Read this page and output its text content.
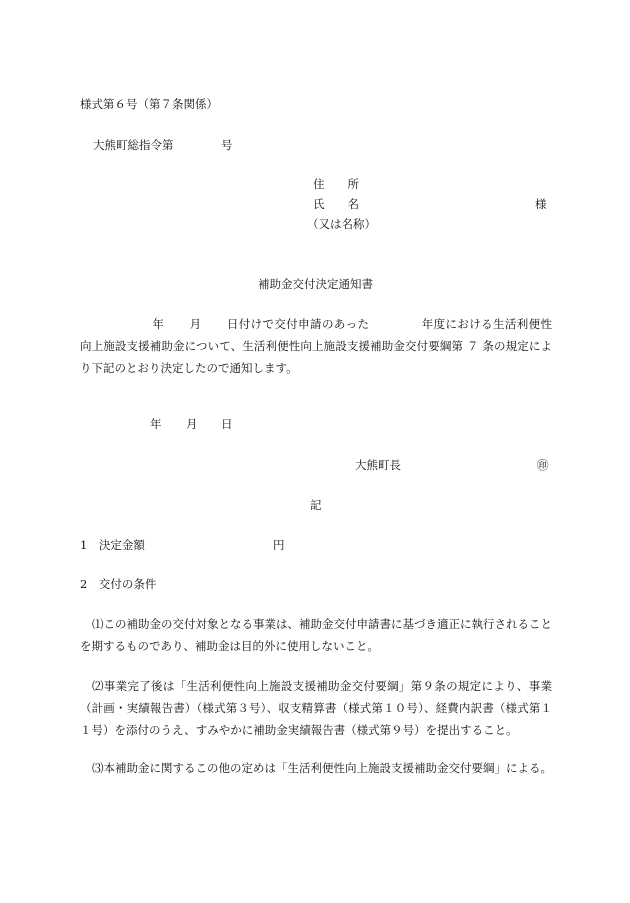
様式第６号（第７条関係）
大熊町総指令第	号
住　　所
氏　　名	様
（又は名称）
補助金交付決定通知書
年 月 日付けで交付申請のあった	年度における生活利便性向上施設支援補助金について、生活利便性向上施設支援補助金交付要綱第 ７ 条の規定により下記のとおり決定したので通知します。
年 月 日
大熊町長	㊞
記
1　決定金額	円
2　交付の条件
⑴この補助金の交付対象となる事業は、補助金交付申請書に基づき適正に執行されることを期するものであり、補助金は目的外に使用しないこと。
⑵事業完了後は「生活利便性向上施設支援補助金交付要綱」第９条の規定により、事業（計画・実績報告書）（様式第３号）、収支精算書（様式第１０号）、経費内訳書（様式第１１号）を添付のうえ、すみやかに補助金実績報告書（様式第９号）を提出すること。
⑶本補助金に関するこの他の定めは「生活利便性向上施設支援補助金交付要綱」による。
